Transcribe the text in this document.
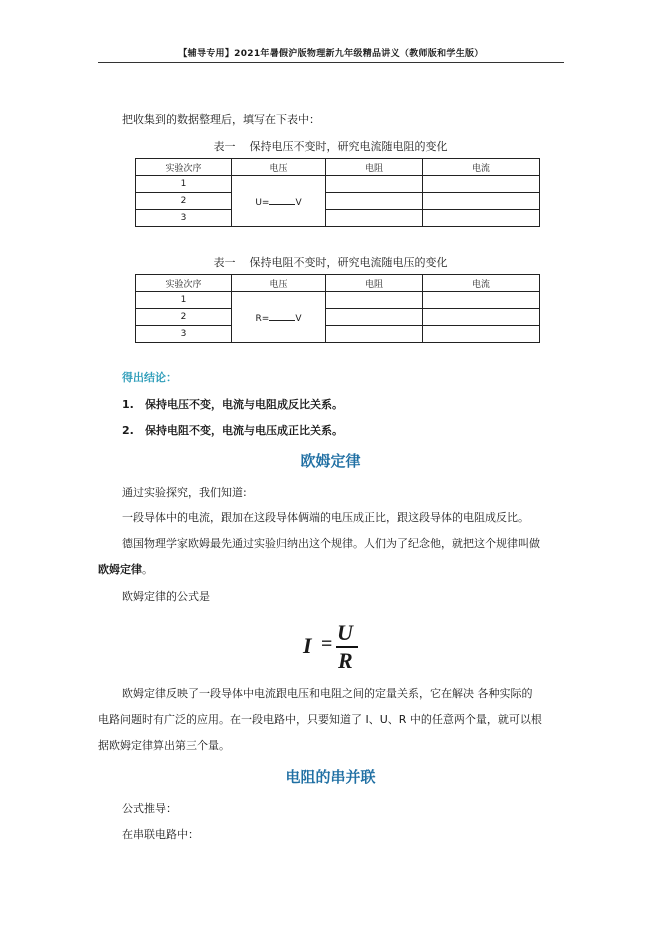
【辅导专用】2021年暑假沪版物理新九年级精品讲义（教师版和学生版）
把收集到的数据整理后，填写在下表中：
表一 保持电压不变时，研究电流随电阻的变化
实验次序	电压	电阻	电流
1	U= V		
2			
3			
表一 保持电阻不变时，研究电流随电压的变化
实验次序	电压	电阻	电流
1	R= V		
2			
3			
得出结论：
1. 保持电压不变，电流与电阻成反比关系。
2. 保持电阻不变，电流与电压成正比关系。
欧姆定律
通过实验探究，我们知道:
一段导体中的电流，跟加在这段导体俩端的电压成正比，跟这段导体的电阻成反比。
德国物理学家欧姆最先通过实验归纳出这个规律。人们为了纪念他，就把这个规律叫做
欧姆定律。
欧姆定律的公式是
I = U
R
欧姆定律反映了一段导体中电流跟电压和电阻之间的定量关系，它在解决 各种实际的
电路问题时有广泛的应用。在一段电路中，只要知道了 I、U、R 中的任意两个量，就可以根
据欧姆定律算出第三个量。
电阻的串并联
公式推导：
在串联电路中：
